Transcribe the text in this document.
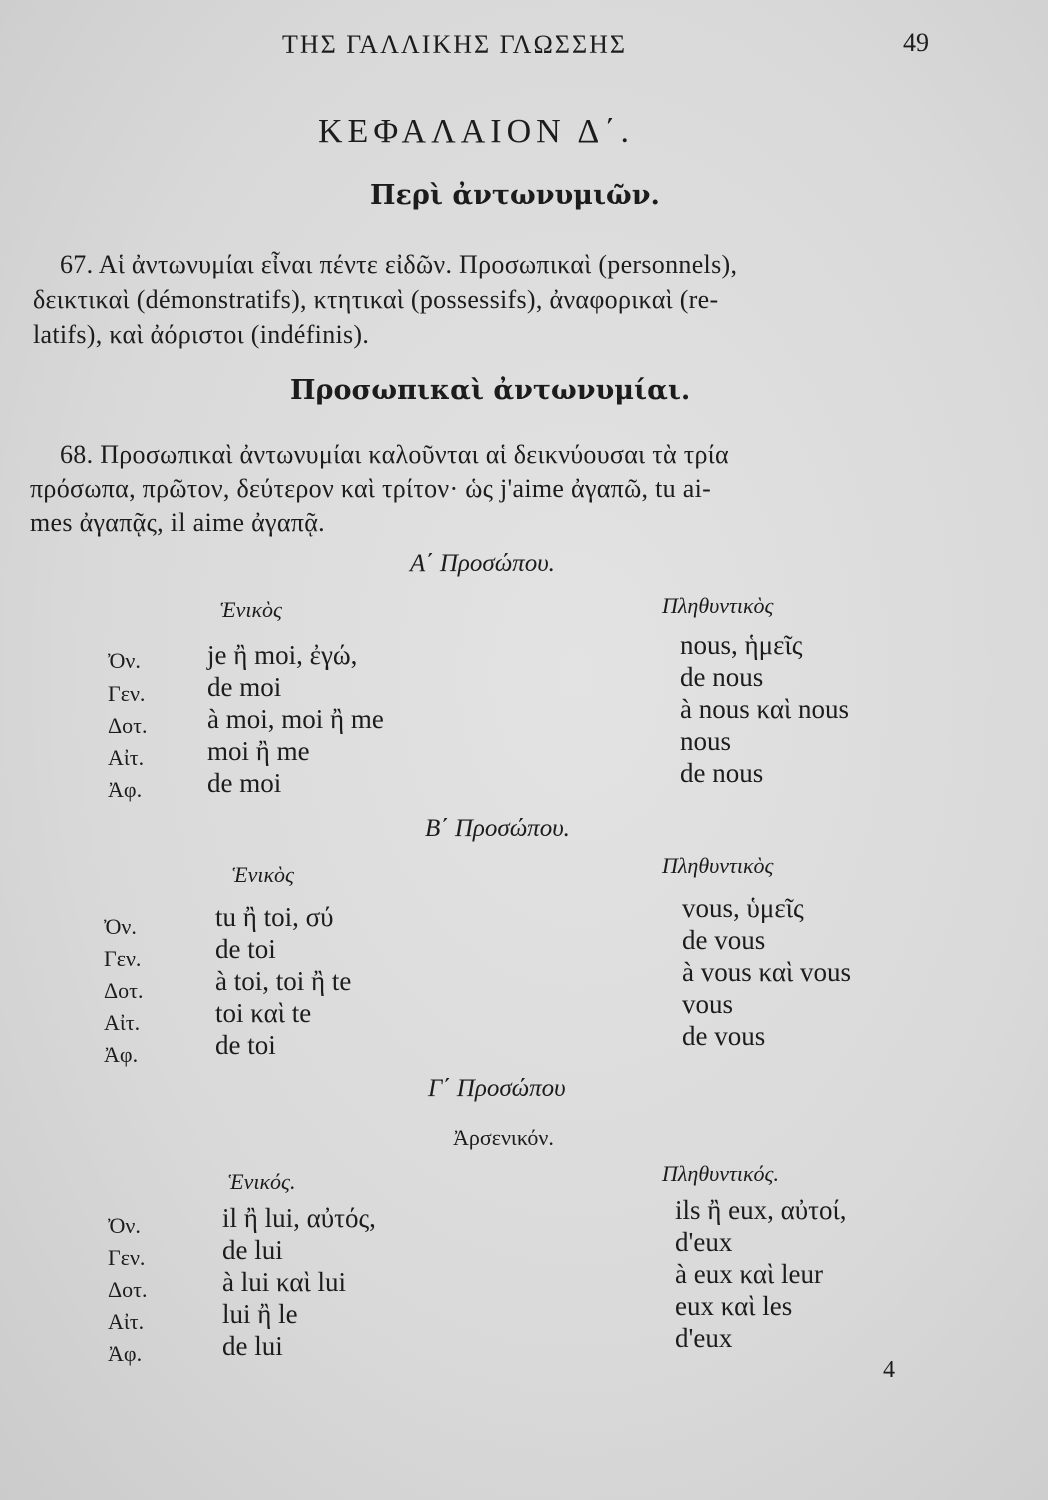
ΤΗΣ ΓΑΛΛΙΚΗΣ ΓΛΩΣΣΗΣ	49
ΚΕΦΑΛΑΙΟΝ Δ΄.
Περὶ ἀντωνυμιῶν.
67. Αἱ ἀντωνυμίαι εἶναι πέντε εἰδῶν. Προσωπικαὶ (personnels),
δεικτικαὶ (démonstratifs), κτητικαὶ (possessifs), ἀναφορικαὶ (re-
latifs), καὶ ἀόριστοι (indéfinis).
Προσωπικαὶ ἀντωνυμίαι.
68. Προσωπικαὶ ἀντωνυμίαι καλοῦνται αἱ δεικνύουσαι τὰ τρία
πρόσωπα, πρῶτον, δεύτερον καὶ τρίτον· ὡς j'aime ἀγαπῶ, tu ai-
mes ἀγαπᾷς, il aime ἀγαπᾷ.
Α΄ Προσώπου.
Ἑνικὸς	Πληθυντικὸς
Ὀν. je ἢ moi, ἐγώ,	nous, ἡμεῖς
Γεν. de moi	de nous
Δοτ. à moi, moi ἢ me	à nous καὶ nous
Αἰτ. moi ἢ me	nous
Ἀφ. de moi	de nous
Β΄ Προσώπου.
Ἑνικὸς	Πληθυντικὸς
Ὀν.	tu ἢ toi, σύ	vous, ὑμεῖς
Γεν.	de toi	de vous
Δοτ.	à toi, toi ἢ te	à vous καὶ vous
Αἰτ.	toi καὶ te	vous
Ἀφ.	de toi	de vous
Γ΄ Προσώπου
Ἀρσενικόν.
Ἑνικός.	Πληθυντικός.
Ὀν.	il ἢ lui, αὐτός,	ils ἢ eux, αὐτοί,
Γεν.	de lui	d'eux
Δοτ.	à lui καὶ lui	à eux καὶ leur
Αἰτ.	lui ἢ le	eux καὶ les
Ἀφ.	de lui	d'eux
4
